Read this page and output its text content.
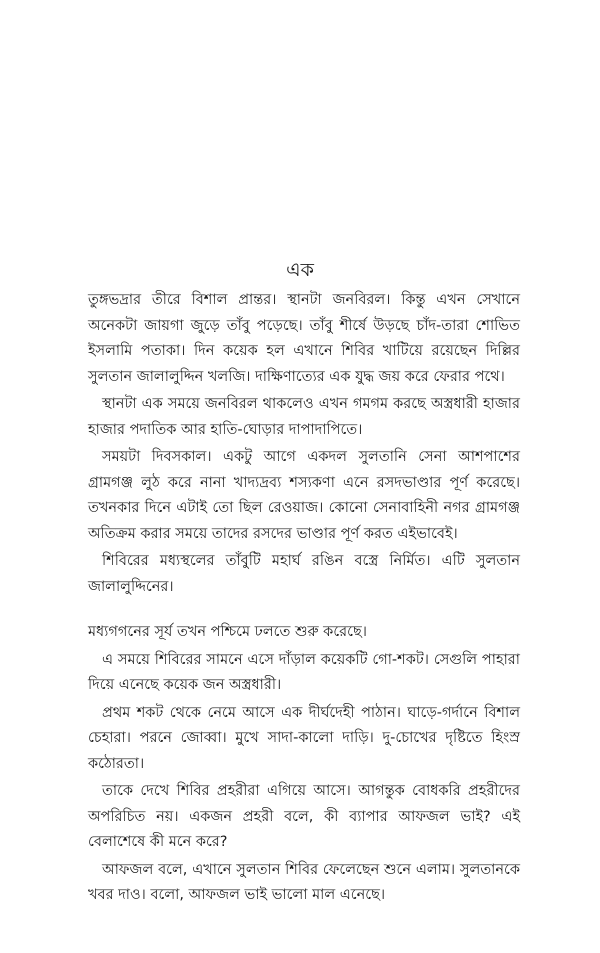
এক

তুঙ্গভদ্রার তীরে বিশাল প্রান্তর। স্থানটা জনবিরল। কিন্তু এখন সেখানে অনেকটা জায়গা জুড়ে তাঁবু পড়েছে। তাঁবু শীর্ষে উড়ছে চাঁদ-তারা শোভিত ইসলামি পতাকা। দিন কয়েক হল এখানে শিবির খাটিয়ে রয়েছেন দিল্লির সুলতান জালালুদ্দিন খলজি। দাক্ষিণাত্যের এক যুদ্ধ জয় করে ফেরার পথে।

স্থানটা এক সময়ে জনবিরল থাকলেও এখন গমগম করছে অস্ত্রধারী হাজার হাজার পদাতিক আর হাতি-ঘোড়ার দাপাদাপিতে।

সময়টা দিবসকাল। একটু আগে একদল সুলতানি সেনা আশপাশের গ্রামগঞ্জ লুঠ করে নানা খাদ্যদ্রব্য শস্যকণা এনে রসদভাণ্ডার পূর্ণ করেছে। তখনকার দিনে এটাই তো ছিল রেওয়াজ। কোনো সেনাবাহিনী নগর গ্রামগঞ্জ অতিক্রম করার সময়ে তাদের রসদের ভাণ্ডার পূর্ণ করত এইভাবেই।

শিবিরের মধ্যস্থলের তাঁবুটি মহার্ঘ রঙিন বস্ত্রে নির্মিত। এটি সুলতান জালালুদ্দিনের।

মধ্যগগনের সূর্য তখন পশ্চিমে ঢলতে শুরু করেছে।

এ সময়ে শিবিরের সামনে এসে দাঁড়াল কয়েকটি গো-শকট। সেগুলি পাহারা দিয়ে এনেছে কয়েক জন অস্ত্রধারী।

প্রথম শকট থেকে নেমে আসে এক দীর্ঘদেহী পাঠান। ঘাড়ে-গর্দানে বিশাল চেহারা। পরনে জোব্বা। মুখে সাদা-কালো দাড়ি। দু-চোখের দৃষ্টিতে হিংস্র কঠোরতা।

তাকে দেখে শিবির প্রহরীরা এগিয়ে আসে। আগন্তুক বোধকরি প্রহরীদের অপরিচিত নয়। একজন প্রহরী বলে, কী ব্যাপার আফজল ভাই? এই বেলাশেষে কী মনে করে?

আফজল বলে, এখানে সুলতান শিবির ফেলেছেন শুনে এলাম। সুলতানকে খবর দাও। বলো, আফজল ভাই ভালো মাল এনেছে।
